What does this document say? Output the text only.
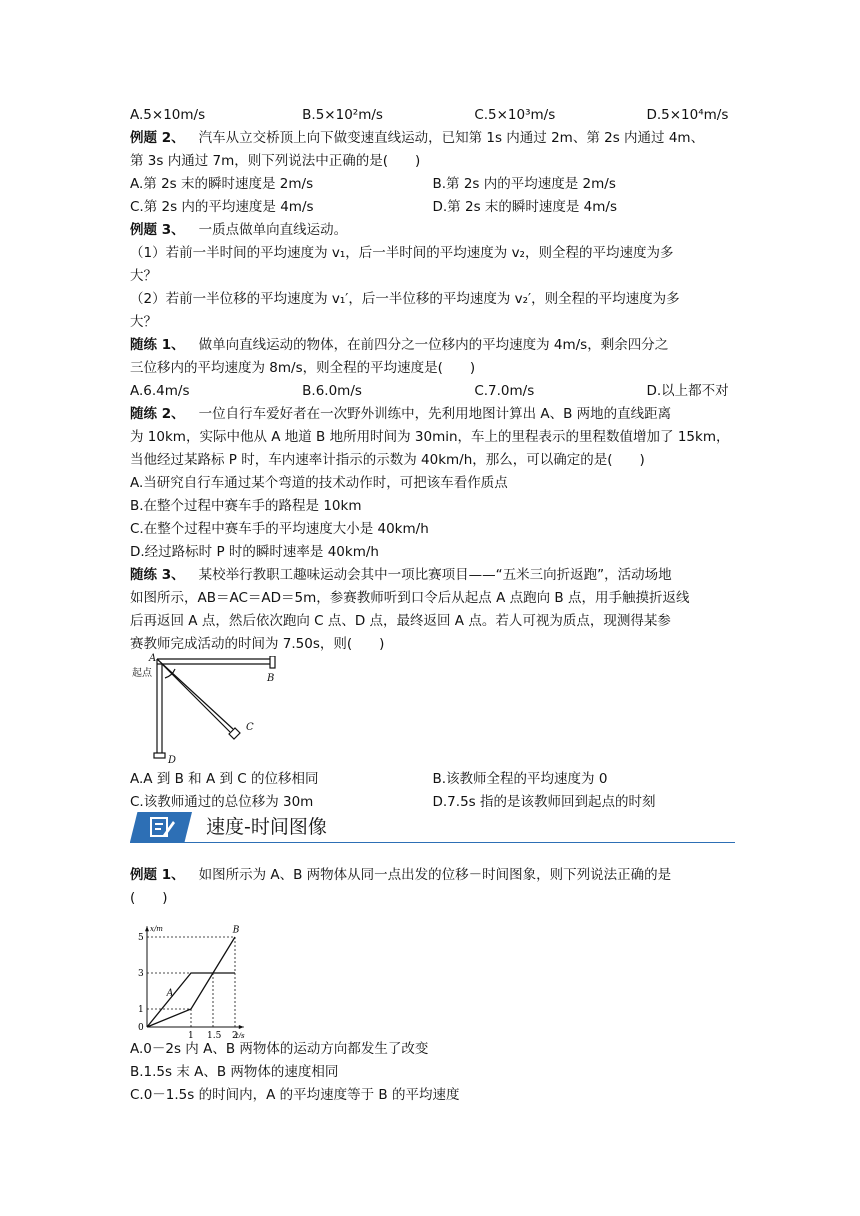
A.5×10m/s	B.5×10²m/s	C.5×10³m/s	D.5×10⁴m/s
例题 2、 汽车从立交桥顶上向下做变速直线运动，已知第 1s 内通过 2m、第 2s 内通过 4m、
第 3s 内通过 7m，则下列说法中正确的是(　　)
A.第 2s 末的瞬时速度是 2m/s	B.第 2s 内的平均速度是 2m/s
C.第 2s 内的平均速度是 4m/s	D.第 2s 末的瞬时速度是 4m/s
例题 3、 一质点做单向直线运动。
（1）若前一半时间的平均速度为 v₁，后一半时间的平均速度为 v₂，则全程的平均速度为多
大？
（2）若前一半位移的平均速度为 v₁′，后一半位移的平均速度为 v₂′，则全程的平均速度为多
大？
随练 1、 做单向直线运动的物体，在前四分之一位移内的平均速度为 4m/s，剩余四分之
三位移内的平均速度为 8m/s，则全程的平均速度是(　　)
A.6.4m/s	B.6.0m/s	C.7.0m/s	D.以上都不对
随练 2、 一位自行车爱好者在一次野外训练中，先利用地图计算出 A、B 两地的直线距离
为 10km，实际中他从 A 地道 B 地所用时间为 30min，车上的里程表示的里程数值增加了 15km，
当他经过某路标 P 时，车内速率计指示的示数为 40km/h，那么，可以确定的是(　　)
A.当研究自行车通过某个弯道的技术动作时，可把该车看作质点
B.在整个过程中赛车手的路程是 10km
C.在整个过程中赛车手的平均速度大小是 40km/h
D.经过路标时 P 时的瞬时速率是 40km/h
随练 3、 某校举行教职工趣味运动会其中一项比赛项目——“五米三向折返跑”，活动场地
如图所示，AB＝AC＝AD＝5m，参赛教师听到口令后从起点 A 点跑向 B 点，用手触摸折返线
后再返回 A 点，然后依次跑向 C 点、D 点，最终返回 A 点。若人可视为质点，现测得某参
赛教师完成活动的时间为 7.50s，则(　　)
A
起点	B
C
D
A.A 到 B 和 A 到 C 的位移相同	B.该教师全程的平均速度为 0
C.该教师通过的总位移为 30m	D.7.5s 指的是该教师回到起点的时刻
速度-时间图像
例题 1、 如图所示为 A、B 两物体从同一点出发的位移－时间图象，则下列说法正确的是
(　　)
A
B
0
1 1.5 2
1
3
5
t/s
x/m
A.0－2s 内 A、B 两物体的运动方向都发生了改变
B.1.5s 末 A、B 两物体的速度相同
C.0－1.5s 的时间内，A 的平均速度等于 B 的平均速度
